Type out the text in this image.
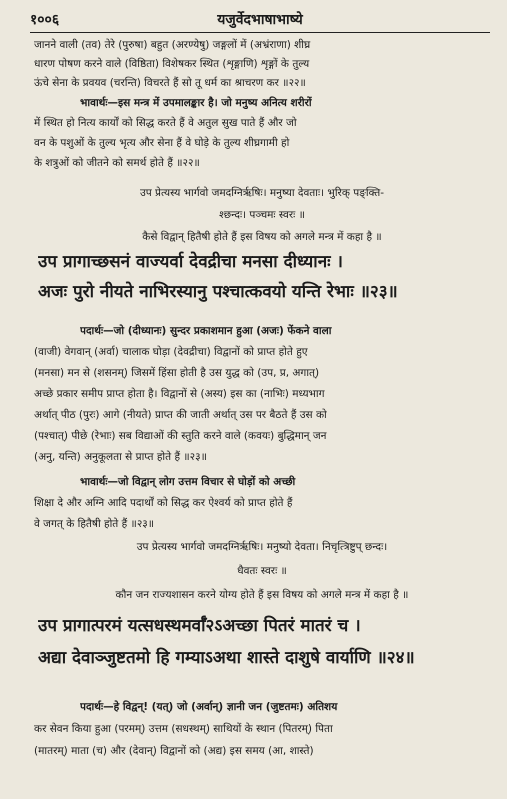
१००६	यजुर्वेदभाषाभाष्ये
जानने वाली (तव) तेरे (पुरुषा) बहुत (अरण्येषु) जङ्गलों में (अभ्रंराणा) शीघ्र
धारण पोषण करने वाले (विष्ठिता) विशेषकर स्थित (शृङ्गाणि) शृङ्गों के तुल्य
ऊंचे सेना के प्रवयव (चरन्ति) विचरते हैं सो तू धर्म का श्राचरण कर ॥२२॥
भावार्थः—इस मन्त्र में उपमालङ्कार है। जो मनुष्य अनित्य शरीरों
में स्थित हो नित्य कार्यों को सिद्ध करते हैं वे अतुल सुख पाते हैं और जो
वन के पशुओं के तुल्य भृत्य और सेना हैं वे घोड़े के तुल्य शीघ्रगामी हो
के शत्रुओं को जीतने को समर्थ होते हैं ॥२२॥
उप प्रेत्यस्य भार्गवो जमदग्निर्ऋषिः। मनुष्या देवताः। भुरिक् पङ्क्ति-
श्छन्दः। पञ्चमः स्वरः ॥
कैसे विद्वान् हितैषी होते हैं इस विषय को अगले मन्त्र में कहा है ॥
उप प्रागाच्छसनं वाज्यर्वा देवद्रीचा मनसा दीध्यानः ।
अजः पुरो नीयते नाभिरस्यानु पश्चात्कवयो यन्ति रेभाः ॥२३॥
पदार्थः—जो (दीध्यानः) सुन्दर प्रकाशमान हुआ (अजः) फेंकने वाला
(वाजी) वेगवान् (अर्वा) चालाक घोड़ा (देवद्रीचा) विद्वानों को प्राप्त होते हुए
(मनसा) मन से (शसनम्) जिसमें हिंसा होती है उस युद्ध को (उप, प्र, अगात्)
अच्छे प्रकार समीप प्राप्त होता है। विद्वानों से (अस्य) इस का (नाभिः) मध्यभाग
अर्थात् पीठ (पुरः) आगे (नीयते) प्राप्त की जाती अर्थात् उस पर बैठते हैं उस को
(पश्चात्) पीछे (रेभाः) सब विद्याओं की स्तुति करने वाले (कवयः) बुद्धिमान् जन
(अनु, यन्ति) अनुकूलता से प्राप्त होते हैं ॥२३॥
भावार्थः—जो विद्वान् लोग उत्तम विचार से घोड़ों को अच्छी
शिक्षा दे और अग्नि आदि पदार्थों को सिद्ध कर ऐश्वर्य को प्राप्त होते हैं
वे जगत् के हितैषी होते हैं ॥२३॥
उप प्रेत्यस्य भार्गवो जमदग्निर्ऋषिः। मनुष्यो देवता। निचृत्त्रिष्टुप् छन्दः।
धैवतः स्वरः ॥
कौन जन राज्यशासन करने योग्य होते हैं इस विषय को अगले मन्त्र में कहा है ॥
उप प्रागात्परमं यत्सधस्थमर्वाँ२ऽअच्छा पितरं मातरं च ।
अद्या देवाञ्जुष्टतमो हि गम्याऽअथा शास्ते दाशुषे वार्याणि ॥२४॥
पदार्थः—हे विद्वन्! (यत्) जो (अर्वान्) ज्ञानी जन (जुष्टतमः) अतिशय
कर सेवन किया हुआ (परमम्) उत्तम (सधस्थम्) साथियों के स्थान (पितरम्) पिता
(मातरम्) माता (च) और (देवान्) विद्वानों को (अद्य) इस समय (आ, शास्ते)
